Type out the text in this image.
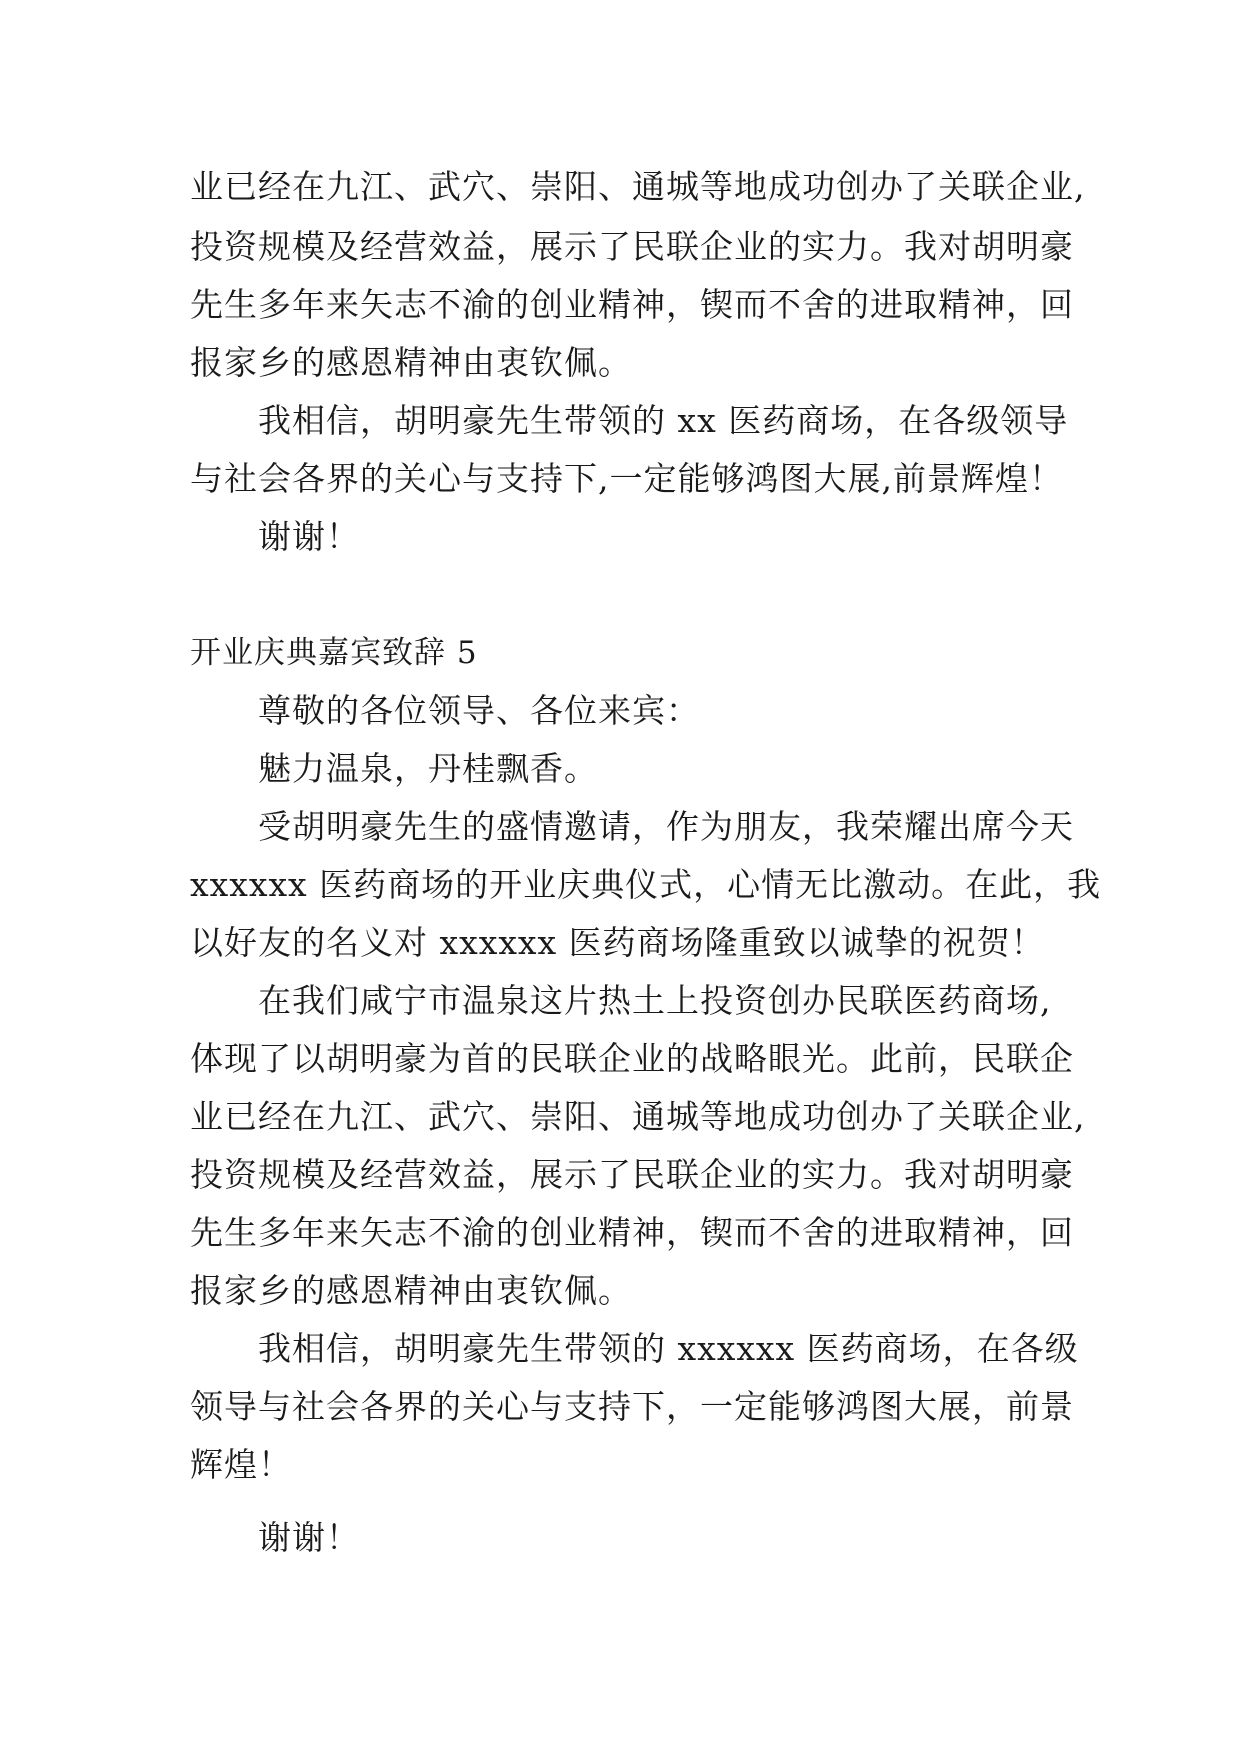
业已经在九江、武穴、崇阳、通城等地成功创办了关联企业,
投资规模及经营效益，展示了民联企业的实力。我对胡明豪
先生多年来矢志不渝的创业精神，锲而不舍的进取精神，回
报家乡的感恩精神由衷钦佩。
我相信，胡明豪先生带领的 xx 医药商场，在各级领导
与社会各界的关心与支持下,一定能够鸿图大展,前景辉煌！
谢谢！
开业庆典嘉宾致辞 5
尊敬的各位领导、各位来宾：
魅力温泉，丹桂飘香。
受胡明豪先生的盛情邀请，作为朋友，我荣耀出席今天
xxxxxx 医药商场的开业庆典仪式，心情无比激动。在此，我
以好友的名义对 xxxxxx 医药商场隆重致以诚挚的祝贺！
在我们咸宁市温泉这片热土上投资创办民联医药商场,
体现了以胡明豪为首的民联企业的战略眼光。此前，民联企
业已经在九江、武穴、崇阳、通城等地成功创办了关联企业,
投资规模及经营效益，展示了民联企业的实力。我对胡明豪
先生多年来矢志不渝的创业精神，锲而不舍的进取精神，回
报家乡的感恩精神由衷钦佩。
我相信，胡明豪先生带领的 xxxxxx 医药商场，在各级
领导与社会各界的关心与支持下，一定能够鸿图大展，前景
辉煌！
谢谢！
